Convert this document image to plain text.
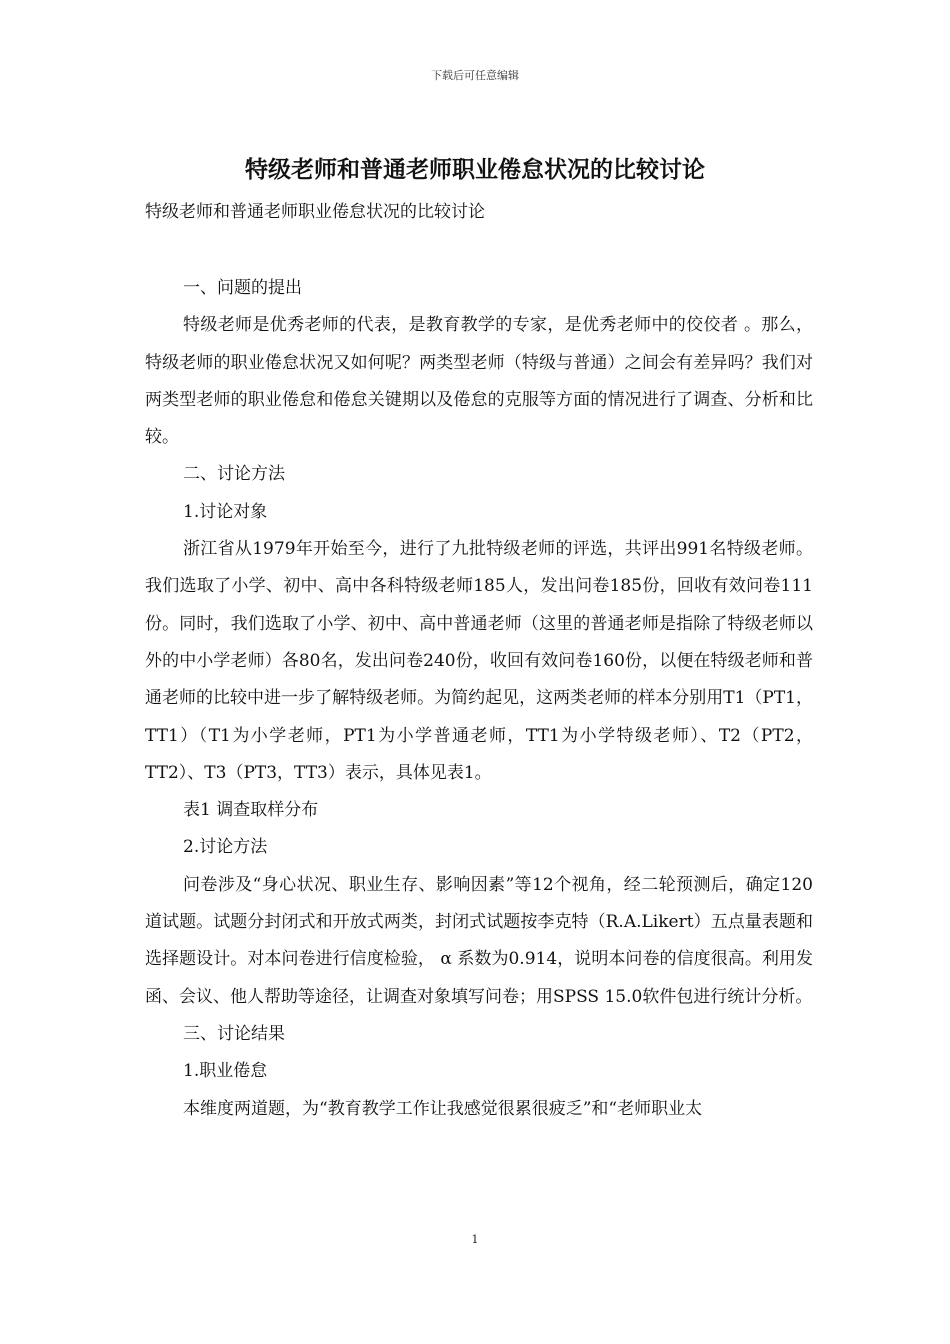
下载后可任意编辑
特级老师和普通老师职业倦怠状况的比较讨论

特级老师和普通老师职业倦怠状况的比较讨论

一、问题的提出

特级老师是优秀老师的代表，是教育教学的专家，是优秀老师中的佼佼者 。那么，特级老师的职业倦怠状况又如何呢？两类型老师（特级与普通）之间会有差异吗？我们对两类型老师的职业倦怠和倦怠关键期以及倦怠的克服等方面的情况进行了调查、分析和比较。

二、讨论方法

1.讨论对象

浙江省从1979年开始至今，进行了九批特级老师的评选，共评出991名特级老师。我们选取了小学、初中、高中各科特级老师185人，发出问卷185份，回收有效问卷111份。同时，我们选取了小学、初中、高中普通老师（这里的普通老师是指除了特级老师以外的中小学老师）各80名，发出问卷240份，收回有效问卷160份，以便在特级老师和普通老师的比较中进一步了解特级老师。为简约起见，这两类老师的样本分别用T1（PT1，TT1）（T1为小学老师，PT1为小学普通老师，TT1为小学特级老师）、T2（PT2，TT2）、T3（PT3，TT3）表示，具体见表1。

表1 调查取样分布

2.讨论方法

问卷涉及“身心状况、职业生存、影响因素”等12个视角，经二轮预测后，确定120道试题。试题分封闭式和开放式两类，封闭式试题按李克特（R.A.Likert）五点量表题和选择题设计。对本问卷进行信度检验， α 系数为0.914，说明本问卷的信度很高。利用发函、会议、他人帮助等途径，让调查对象填写问卷；用SPSS 15.0软件包进行统计分析。

三、讨论结果

1.职业倦怠

本维度两道题，为“教育教学工作让我感觉很累很疲乏”和“老师职业太

1
